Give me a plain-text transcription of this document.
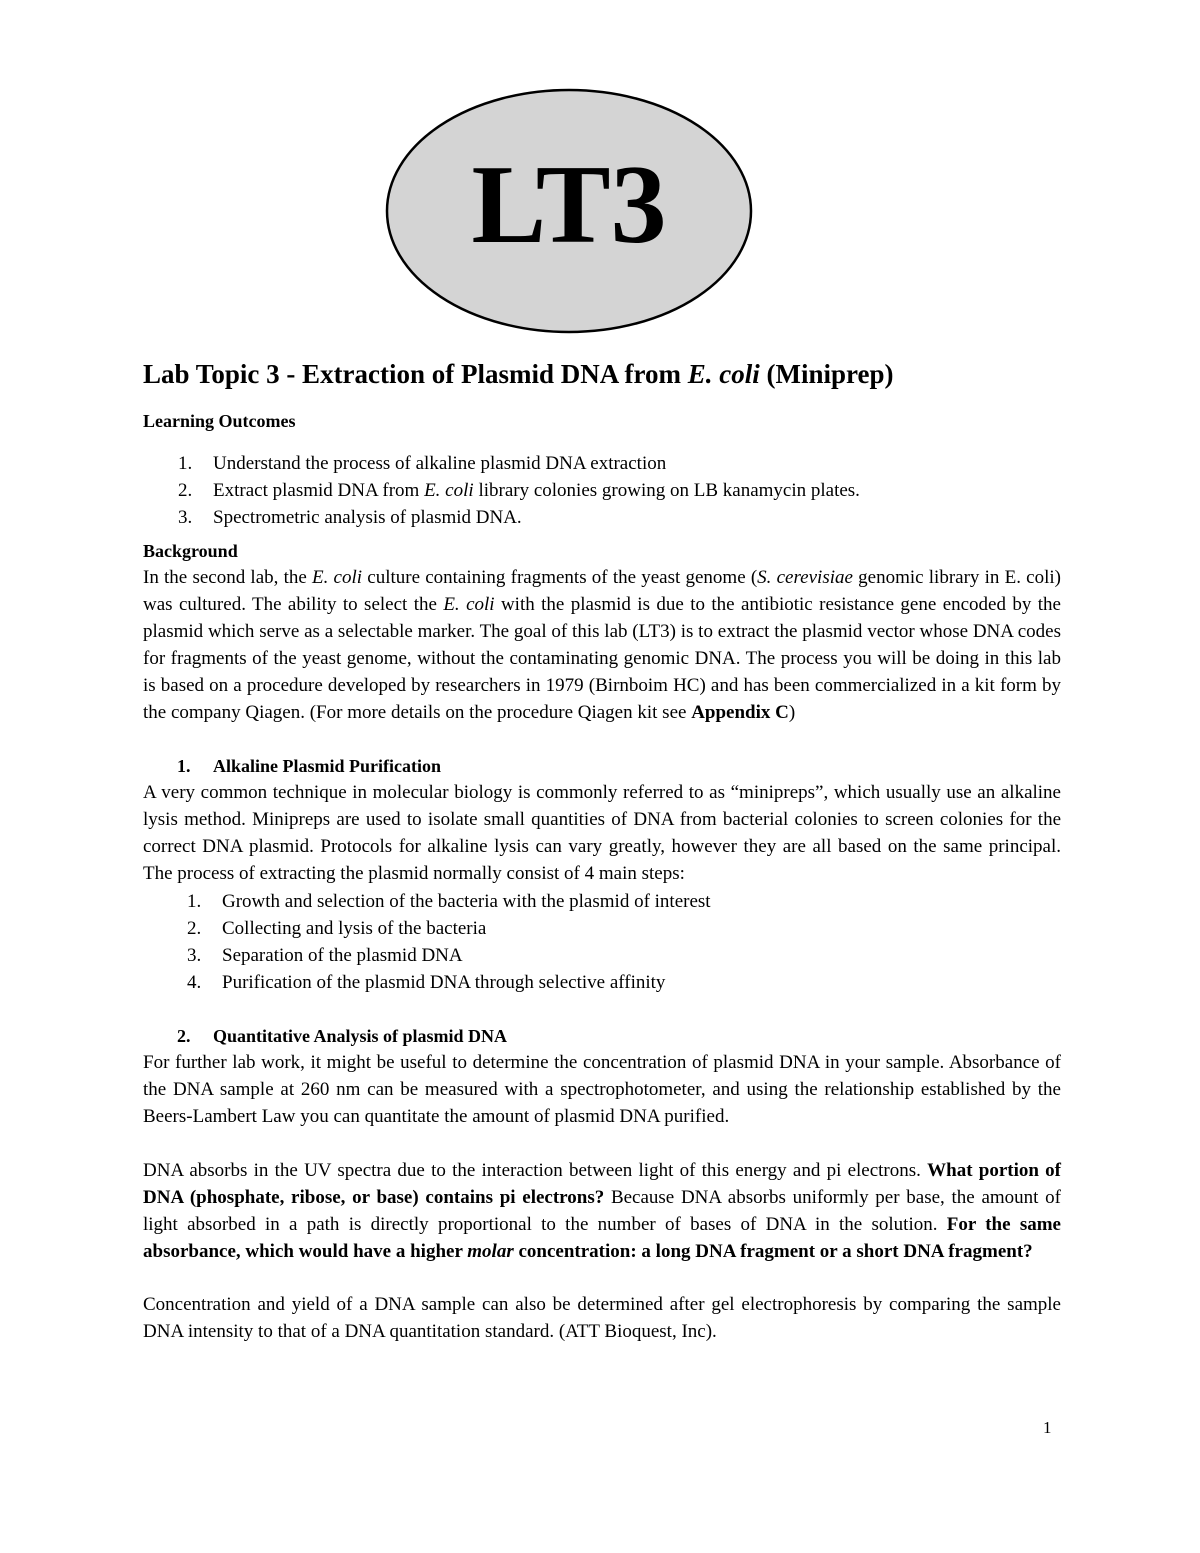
LT3
Lab Topic 3 - Extraction of Plasmid DNA from E. coli (Miniprep)
Learning Outcomes
1. Understand the process of alkaline plasmid DNA extraction
2. Extract plasmid DNA from E. coli library colonies growing on LB kanamycin plates.
3. Spectrometric analysis of plasmid DNA.
Background

In the second lab, the E. coli culture containing fragments of the yeast genome (S. cerevisiae genomic library in E. coli) was cultured. The ability to select the E. coli with the plasmid is due to the antibiotic resistance gene encoded by the plasmid which serve as a selectable marker. The goal of this lab (LT3) is to extract the plasmid vector whose DNA codes for fragments of the yeast genome, without the contaminating genomic DNA. The process you will be doing in this lab is based on a procedure developed by researchers in 1979 (Birnboim HC) and has been commercialized in a kit form by the company Qiagen. (For more details on the procedure Qiagen kit see Appendix C)

1. Alkaline Plasmid Purification

A very common technique in molecular biology is commonly referred to as “minipreps”, which usually use an alkaline lysis method. Minipreps are used to isolate small quantities of DNA from bacterial colonies to screen colonies for the correct DNA plasmid. Protocols for alkaline lysis can vary greatly, however they are all based on the same principal. The process of extracting the plasmid normally consist of 4 main steps:

1. Growth and selection of the bacteria with the plasmid of interest
2. Collecting and lysis of the bacteria
3. Separation of the plasmid DNA
4. Purification of the plasmid DNA through selective affinity
2. Quantitative Analysis of plasmid DNA

For further lab work, it might be useful to determine the concentration of plasmid DNA in your sample. Absorbance of the DNA sample at 260 nm can be measured with a spectrophotometer, and using the relationship established by the Beers-Lambert Law you can quantitate the amount of plasmid DNA purified.

DNA absorbs in the UV spectra due to the interaction between light of this energy and pi electrons. What portion of DNA (phosphate, ribose, or base) contains pi electrons? Because DNA absorbs uniformly per base, the amount of light absorbed in a path is directly proportional to the number of bases of DNA in the solution. For the same absorbance, which would have a higher molar concentration: a long DNA fragment or a short DNA fragment?

Concentration and yield of a DNA sample can also be determined after gel electrophoresis by comparing the sample DNA intensity to that of a DNA quantitation standard. (ATT Bioquest, Inc).

1
